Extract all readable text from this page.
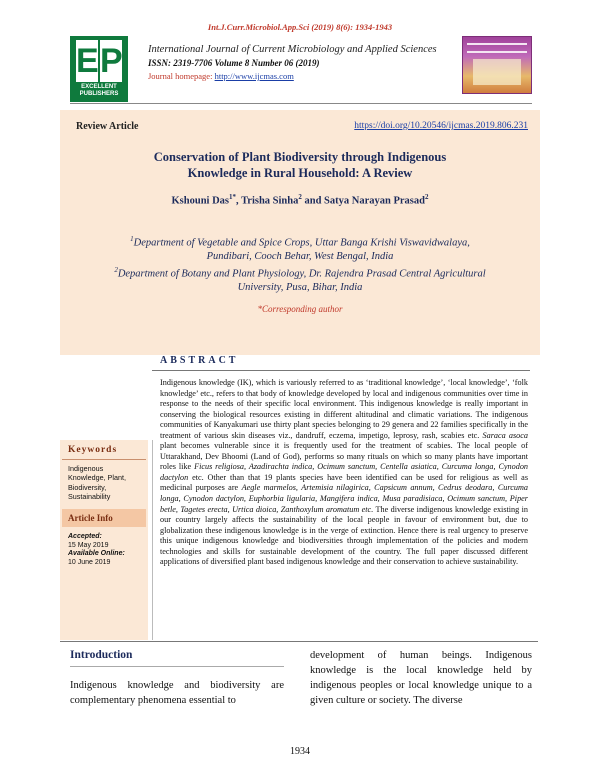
Int.J.Curr.Microbiol.App.Sci (2019) 8(6): 1934-1943
E P
EXCELLENT
PUBLISHERS
International Journal of Current Microbiology and Applied Sciences
ISSN: 2319-7706 Volume 8 Number 06 (2019)
Journal homepage: http://www.ijcmas.com
Review Article	https://doi.org/10.20546/ijcmas.2019.806.231
Conservation of Plant Biodiversity through Indigenous
Knowledge in Rural Household: A Review
Kshouni Das$^{1*}$, Trisha Sinha$^2$ and Satya Narayan Prasad$^2$
$^1$Department of Vegetable and Spice Crops, Uttar Banga Krishi Viswavidwalaya,
Pundibari, Cooch Behar, West Bengal, India
$^2$Department of Botany and Plant Physiology, Dr. Rajendra Prasad Central Agricultural
University, Pusa, Bihar, India
*Corresponding author
ABSTRACT
Indigenous knowledge (IK), which is variously referred to as ‘traditional knowledge’, ‘local knowledge’, ‘folk knowledge’ etc., refers to that body of knowledge developed by local and indigenous communities over time in response to the needs of their specific local environment. This indigenous knowledge is really important in conserving the biological resources existing in different altitudinal and climatic variations. The indigenous communities of Kanyakumari use thirty plant species belonging to 29 genera and 22 families specifically in the treatment of various skin diseases viz., dandruff, eczema, impetigo, leprosy, rash, scabies etc. Saraca asoca plant becomes vulnerable since it is frequently used for the treatment of scabies. The local people of Uttarakhand, Dev Bhoomi (Land of God), performs so many rituals on which so many plants have important roles like Ficus religiosa, Azadirachta indica, Ocimum sanctum, Centella asiatica, Curcuma longa, Cynodon dactylon etc. Other than that 19 plants species have been identified can be used for religious as well as medicinal purposes are Aegle marmelos, Artemisia nilagirica, Capsicum annum, Cedrus deodara, Curcuma longa, Cynodon dactylon, Euphorbia ligularia, Mangifera indica, Musa paradisiaca, Ocimum sanctum, Piper betle, Tagetes erecta, Urtica dioica, Zanthoxylum aromatum etc. The diverse indigenous knowledge existing in our country largely affects the sustainability of the local people in favour of environment but, due to globalization these indigenous knowledge is in the verge of extinction. Hence there is real urgency to preserve this unique indigenous knowledge and biodiversities through implementation of the policies and modern technologies and skills for sustainable development of the country. The full paper discussed different applications of diversified plant based indigenous knowledge and their conservation to achieve sustainability.
Keywords
Indigenous
Knowledge, Plant,
Biodiversity,
Sustainability
Article Info
Accepted:
15 May 2019
Available Online:
10 June 2019
Introduction
Indigenous knowledge and biodiversity are complementary phenomena essential to
development of human beings. Indigenous knowledge is the local knowledge held by indigenous peoples or local knowledge unique to a given culture or society. The diverse
1934
